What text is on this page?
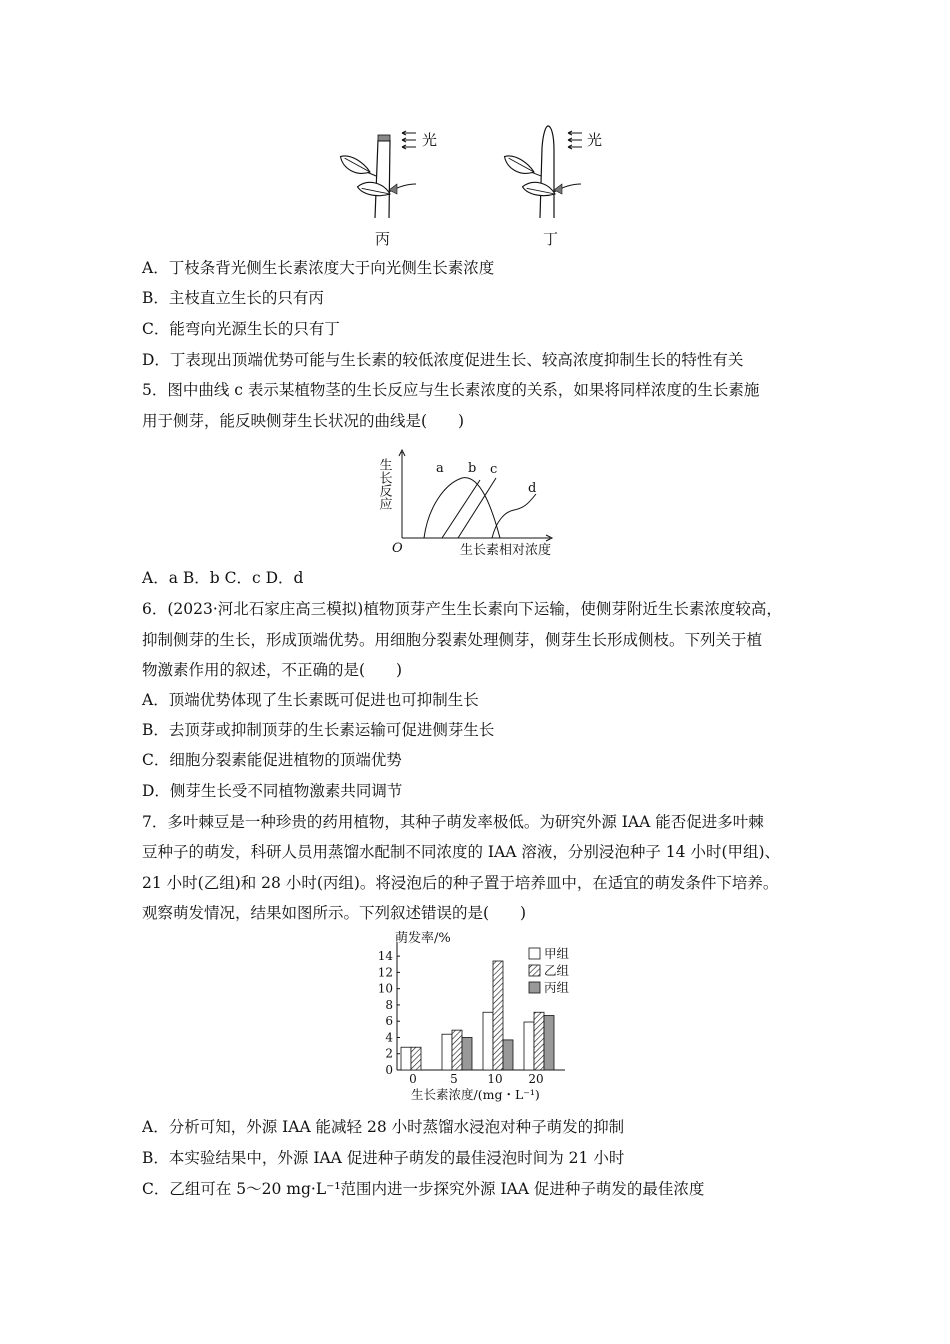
光
丙
光
丁
A．丁枝条背光侧生长素浓度大于向光侧生长素浓度
B．主枝直立生长的只有丙
C．能弯向光源生长的只有丁
D．丁表现出顶端优势可能与生长素的较低浓度促进生长、较高浓度抑制生长的特性有关
5．图中曲线 c 表示某植物茎的生长反应与生长素浓度的关系，如果将同样浓度的生长素施
用于侧芽，能反映侧芽生长状况的曲线是(　　)
生长反应
O	生长素相对浓度
a b c
d
A．a B．b C．c D．d
6．(2023·河北石家庄高三模拟)植物顶芽产生生长素向下运输，使侧芽附近生长素浓度较高，
抑制侧芽的生长，形成顶端优势。用细胞分裂素处理侧芽，侧芽生长形成侧枝。下列关于植
物激素作用的叙述，不正确的是(　　)
A．顶端优势体现了生长素既可促进也可抑制生长
B．去顶芽或抑制顶芽的生长素运输可促进侧芽生长
C．细胞分裂素能促进植物的顶端优势
D．侧芽生长受不同植物激素共同调节
7．多叶棘豆是一种珍贵的药用植物，其种子萌发率极低。为研究外源 IAA 能否促进多叶棘
豆种子的萌发，科研人员用蒸馏水配制不同浓度的 IAA 溶液，分别浸泡种子 14 小时(甲组)、
21 小时(乙组)和 28 小时(丙组)。将浸泡后的种子置于培养皿中，在适宜的萌发条件下培养。
观察萌发情况，结果如图所示。下列叙述错误的是(　　)
萌发率/%
0
2
4
6
8
10
12
14
0	5 10 20
甲组
乙组
丙组
生长素浓度/(mg・L⁻¹)
A．分析可知，外源 IAA 能减轻 28 小时蒸馏水浸泡对种子萌发的抑制
B．本实验结果中，外源 IAA 促进种子萌发的最佳浸泡时间为 21 小时
C．乙组可在 5～20 mg·L⁻¹范围内进一步探究外源 IAA 促进种子萌发的最佳浓度
